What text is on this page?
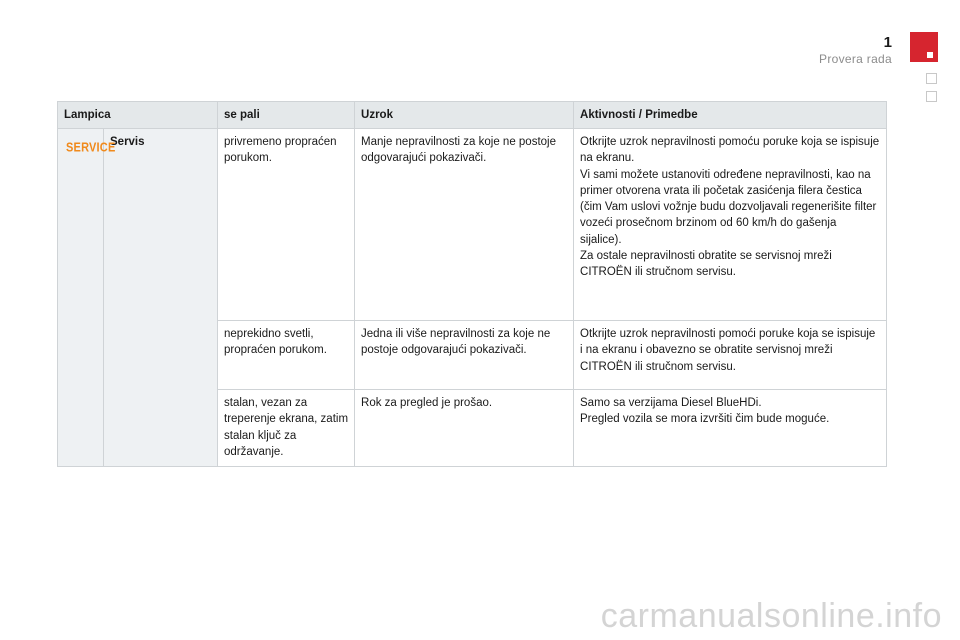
1
Provera rada
Lampica		se pali	Uzrok	Aktivnosti / Primedbe
SERVICE	Servis	privremeno propraćen porukom.	Manje nepravilnosti za koje ne postoje odgovarajući pokazivači.	Otkrijte uzrok nepravilnosti pomoću poruke koja se ispisuje na ekranu.

Vi sami možete ustanoviti određene nepravilnosti, kao na primer otvorena vrata ili početak zasićenja filera čestica (čim Vam uslovi vožnje budu dozvoljavali regenerišite filter vozeći prosečnom brzinom od 60 km/h do gašenja sijalice).

Za ostale nepravilnosti obratite se servisnoj mreži CITROËN ili stručnom servisu.

		neprekidno svetli, propraćen porukom.	Jedna ili više nepravilnosti za koje ne postoje odgovarajući pokazivači.	Otkrijte uzrok nepravilnosti pomoći poruke koja se ispisuje i na ekranu i obavezno se obratite servisnoj mreži CITROËN ili stručnom servisu.

		stalan, vezan za treperenje ekrana, zatim stalan ključ za održavanje.	Rok za pregled je prošao.	Samo sa verzijama Diesel BlueHDi.

Pregled vozila se mora izvršiti čim bude moguće.

carmanualsonline.info
